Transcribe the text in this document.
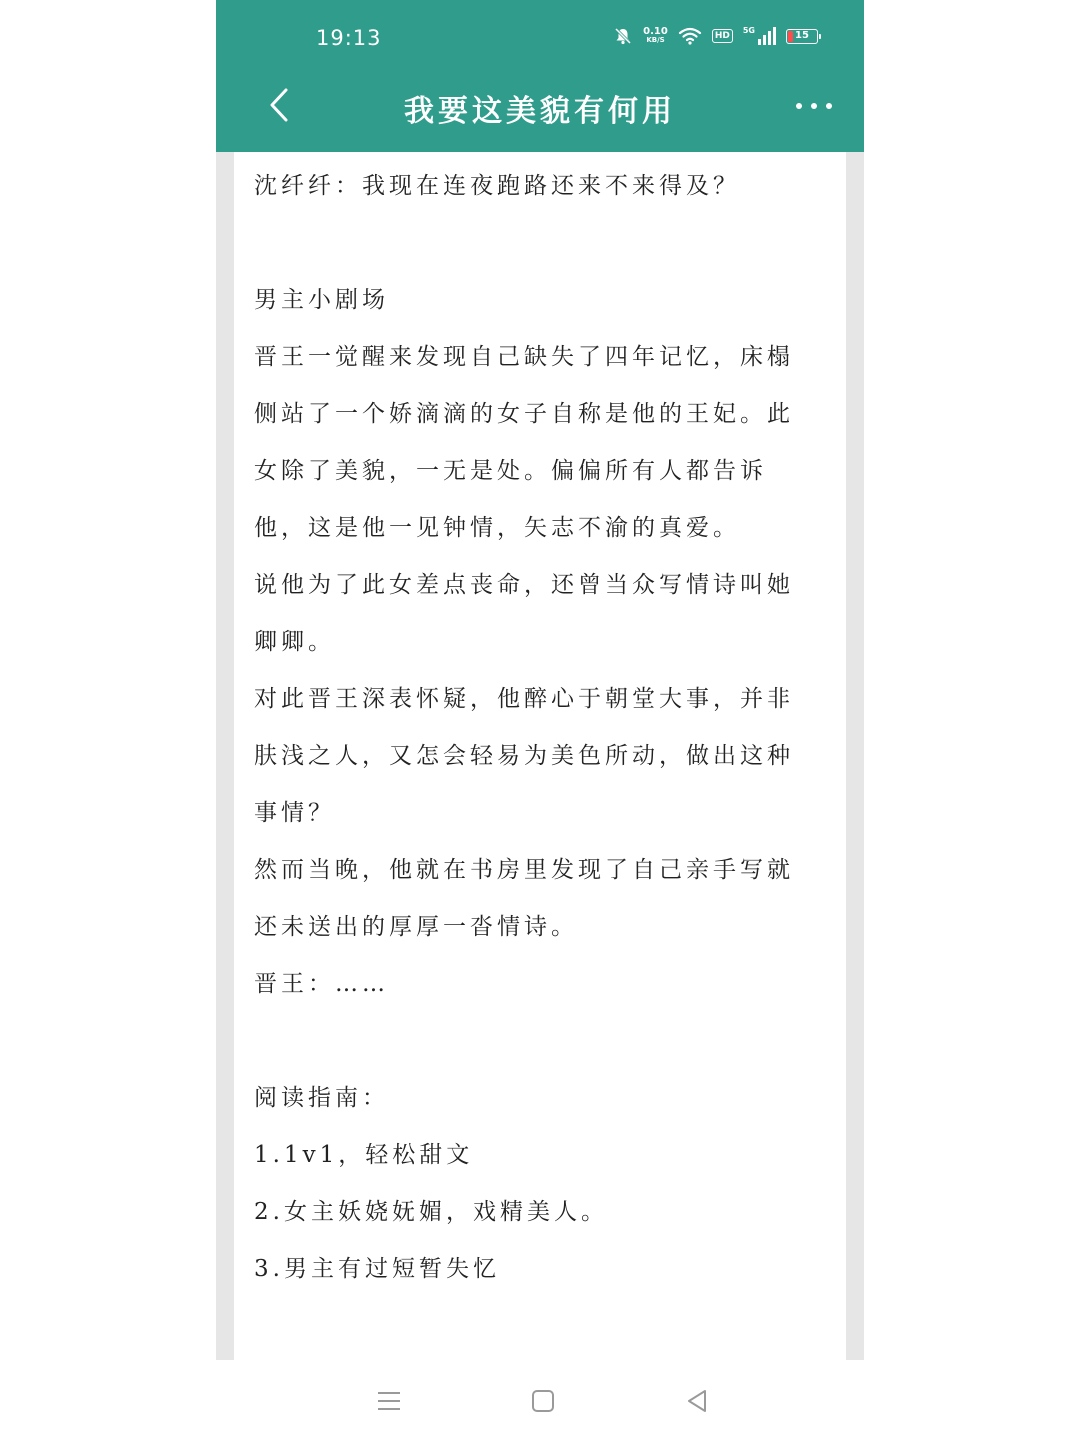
19:13	0.10
KB/S	HD
5G	15
我要这美貌有何用

沈纤纤：我现在连夜跑路还来不来得及？

男主小剧场

晋王一觉醒来发现自己缺失了四年记忆，床榻侧站了一个娇滴滴的女子自称是他的王妃。此女除了美貌，一无是处。偏偏所有人都告诉他，这是他一见钟情，矢志不渝的真爱。

说他为了此女差点丧命，还曾当众写情诗叫她卿卿。

对此晋王深表怀疑，他醉心于朝堂大事，并非肤浅之人，又怎会轻易为美色所动，做出这种事情？

然而当晚，他就在书房里发现了自己亲手写就还未送出的厚厚一沓情诗。

晋王：……

阅读指南：

1.1v1，轻松甜文

2.女主妖娆妩媚，戏精美人。

3.男主有过短暂失忆
